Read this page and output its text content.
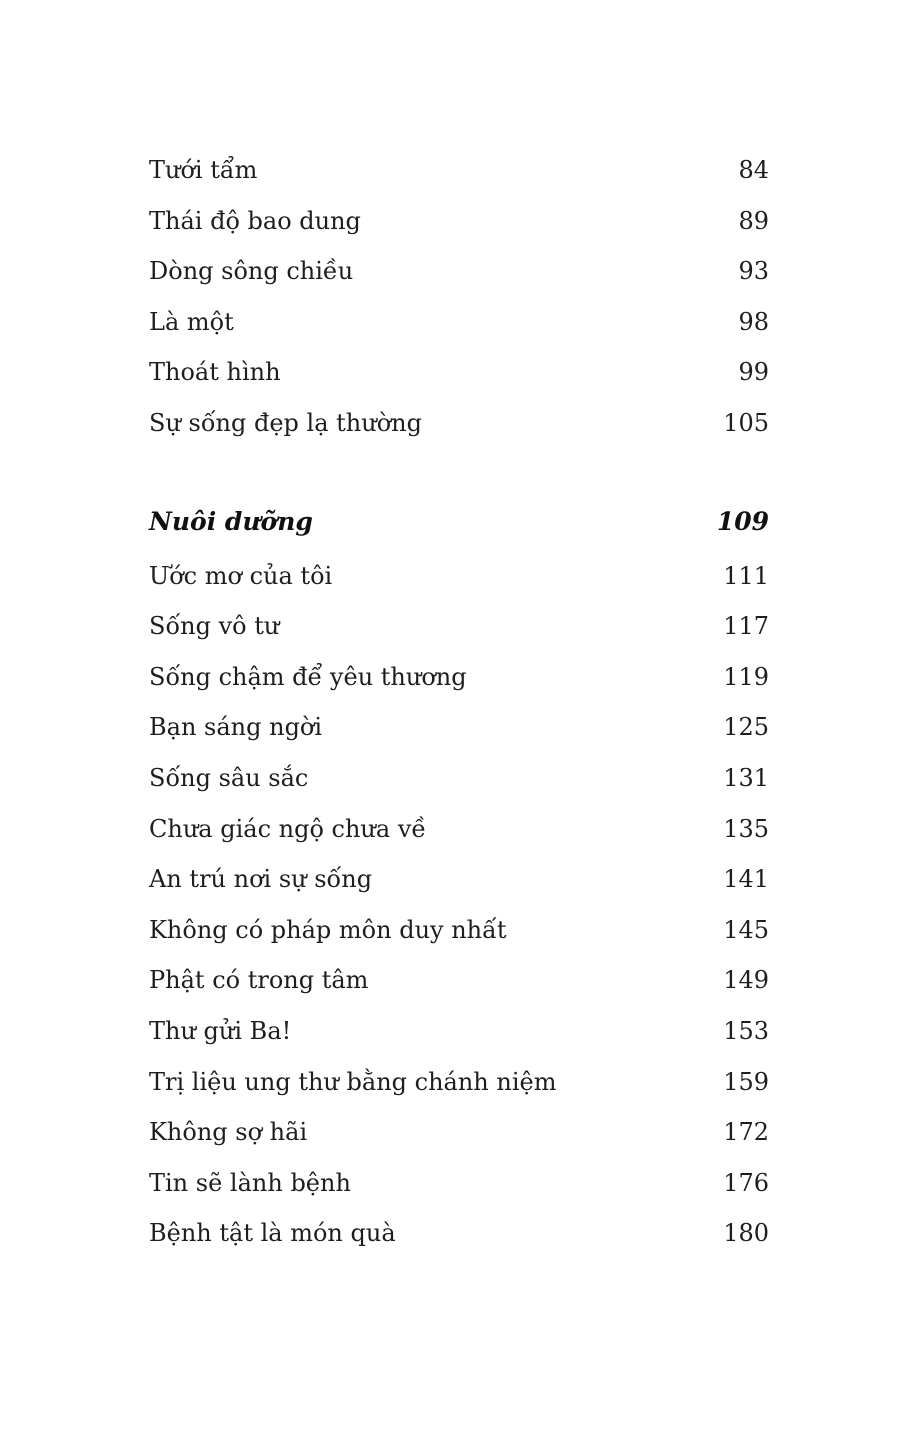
Tưới tẩm	84
Thái độ bao dung	89
Dòng sông chiều	93
Là một	98
Thoát hình	99
Sự sống đẹp lạ thường	105
Nuôi dưỡng	109
Ước mơ của tôi	111
Sống vô tư	117
Sống chậm để yêu thương	119
Bạn sáng ngời	125
Sống sâu sắc	131
Chưa giác ngộ chưa về	135
An trú nơi sự sống	141
Không có pháp môn duy nhất	145
Phật có trong tâm	149
Thư gửi Ba!	153
Trị liệu ung thư bằng chánh niệm	159
Không sợ hãi	172
Tin sẽ lành bệnh	176
Bệnh tật là món quà	180
